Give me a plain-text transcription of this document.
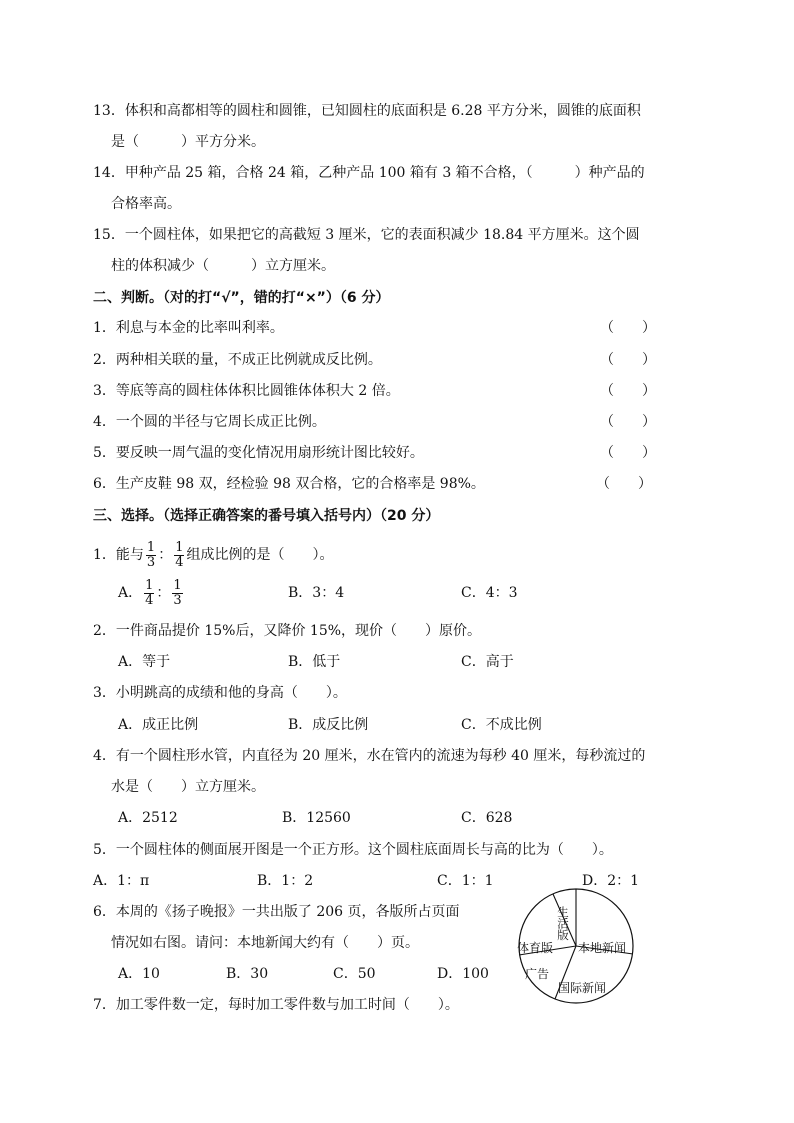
13．体积和高都相等的圆柱和圆锥，已知圆柱的底面积是 6.28 平方分米，圆锥的底面积
是（　　　）平方分米。
14．甲种产品 25 箱，合格 24 箱，乙种产品 100 箱有 3 箱不合格，（　　　）种产品的
合格率高。
15．一个圆柱体，如果把它的高截短 3 厘米，它的表面积减少 18.84 平方厘米。这个圆
柱的体积减少（　　　）立方厘米。
二、判断。（对的打“√”，错的打“×”）（6 分）
1．利息与本金的比率叫利率。	（　　）
2．两种相关联的量，不成正比例就成反比例。	（　　）
3．等底等高的圆柱体体积比圆锥体体积大 2 倍。	（　　）
4．一个圆的半径与它周长成正比例。	（　　）
5．要反映一周气温的变化情况用扇形统计图比较好。	（　　）
6．生产皮鞋 98 双，经检验 98 双合格，它的合格率是 98%。	（　　）
三、选择。（选择正确答案的番号填入括号内）（20 分）
1．能与 $\frac{1}{3}$ ： $\frac{1}{4}$ 组成比例的是（　　）。
A． $\frac{1}{4}$ ： $\frac{1}{3}$	B．3：4	C．4：3
2．一件商品提价 15%后，又降价 15%，现价（　　）原价。
A．等于	B．低于	C．高于
3．小明跳高的成绩和他的身高（　　）。
A．成正比例	B．成反比例	C．不成比例
4．有一个圆柱形水管，内直径为 20 厘米，水在管内的流速为每秒 40 厘米，每秒流过的
水是（　　）立方厘米。
A．2512	B．12560	C．628
5．一个圆柱体的侧面展开图是一个正方形。这个圆柱底面周长与高的比为（　　）。
A．1：π	B．1：2	C．1：1	D．2：1
6．本周的《扬子晚报》一共出版了 206 页，各版所占页面
情况如右图。请问：本地新闻大约有（　　）页。
A．10	B．30	C．50	D．100
7．加工零件数一定，每时加工零件数与加工时间（　　）。
生活版
本地新闻
体育版
广告
国际新闻
